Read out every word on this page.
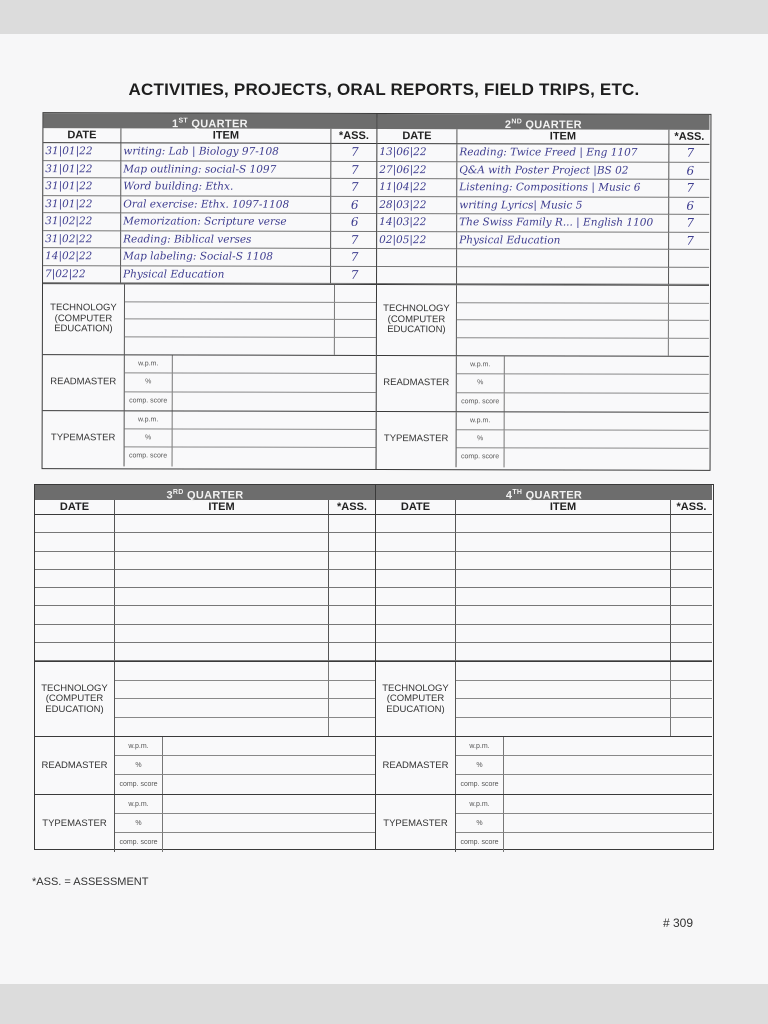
ACTIVITIES, PROJECTS, ORAL REPORTS, FIELD TRIPS, ETC.
1ST QUARTER
DATE	ITEM	*ASS.
31|01|22	writing: Lab | Biology 97-108	7
31|01|22	Map outlining: social-S 1097	7
31|01|22	Word building: Ethx.	7
31|01|22	Oral exercise: Ethx. 1097-1108	6
31|02|22	Memorization: Scripture verse	6
31|02|22	Reading: Biblical verses	7
14|02|22	Map labeling: Social-S 1108	7
7|02|22	Physical Education	7
TECHNOLOGY (COMPUTER EDUCATION)
READMASTER
w.p.m.
%
comp. score
TYPEMASTER
w.p.m.
%
comp. score
2ND QUARTER
DATE	ITEM	*ASS.
13|06|22	Reading: Twice Freed | Eng 1107	7
27|06|22	Q&A with Poster Project |BS 02	6
11|04|22	Listening: Compositions | Music 6	7
28|03|22	writing Lyrics| Music 5	6
14|03|22	The Swiss Family R... | English 1100	7
02|05|22	Physical Education	7
TECHNOLOGY (COMPUTER EDUCATION)
READMASTER
w.p.m.
%
comp. score
TYPEMASTER
w.p.m.
%
comp. score
3RD QUARTER
DATE	ITEM	*ASS.
TECHNOLOGY (COMPUTER EDUCATION)
READMASTER
w.p.m.
%
comp. score
TYPEMASTER
w.p.m.
%
comp. score
4TH QUARTER
DATE	ITEM	*ASS.
TECHNOLOGY (COMPUTER EDUCATION)
READMASTER
w.p.m.
%
comp. score
TYPEMASTER
w.p.m.
%
comp. score
*ASS. = ASSESSMENT
# 309
